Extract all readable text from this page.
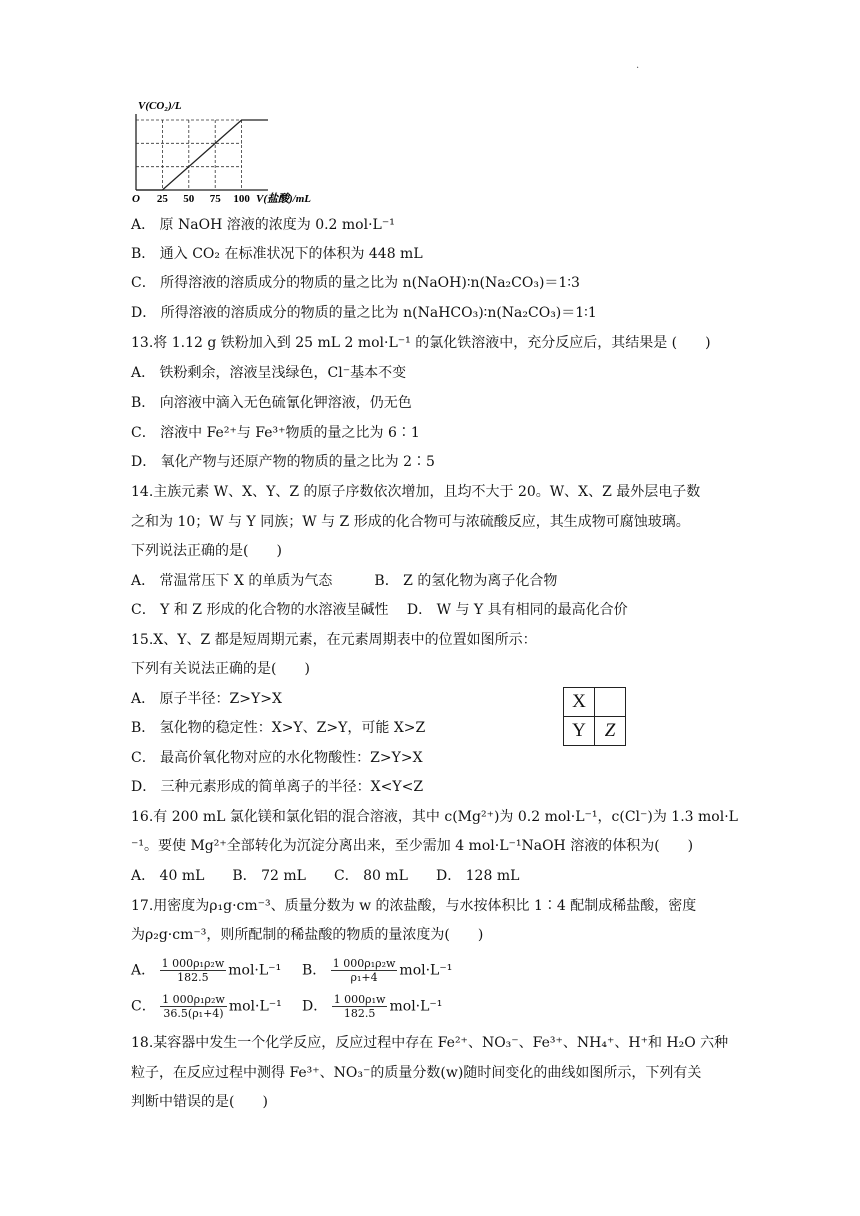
.
V(CO₂)/L
25 50 75 100
O	V(盐酸)/mL
A． 原 NaOH 溶液的浓度为 0.2 mol·L⁻¹
B． 通入 CO₂ 在标准状况下的体积为 448 mL
C． 所得溶液的溶质成分的物质的量之比为 n(NaOH)∶n(Na₂CO₃)＝1∶3
D． 所得溶液的溶质成分的物质的量之比为 n(NaHCO₃)∶n(Na₂CO₃)＝1∶1
13.将 1.12 g 铁粉加入到 25 mL 2 mol·L⁻¹ 的氯化铁溶液中，充分反应后，其结果是 (　　)
A． 铁粉剩余，溶液呈浅绿色，Cl⁻基本不变
B． 向溶液中滴入无色硫氰化钾溶液，仍无色
C． 溶液中 Fe²⁺与 Fe³⁺物质的量之比为 6∶1
D． 氧化产物与还原产物的物质的量之比为 2∶5
14.主族元素 W、X、Y、Z 的原子序数依次增加，且均不大于 20。W、X、Z 最外层电子数
之和为 10；W 与 Y 同族；W 与 Z 形成的化合物可与浓硫酸反应，其生成物可腐蚀玻璃。
下列说法正确的是(　　)
A． 常温常压下 X 的单质为气态　　　B． Z 的氢化物为离子化合物
C． Y 和 Z 形成的化合物的水溶液呈碱性　 D． W 与 Y 具有相同的最高化合价
15.X、Y、Z 都是短周期元素，在元素周期表中的位置如图所示：
下列有关说法正确的是(　　)
A． 原子半径：Z>Y>X
B． 氢化物的稳定性：X>Y、Z>Y，可能 X>Z
C． 最高价氧化物对应的水化物酸性：Z>Y>X
D． 三种元素形成的简单离子的半径：X<Y<Z
16.有 200 mL 氯化镁和氯化铝的混合溶液，其中 c(Mg²⁺)为 0.2 mol·L⁻¹，c(Cl⁻)为 1.3 mol·L
⁻¹。要使 Mg²⁺全部转化为沉淀分离出来，至少需加 4 mol·L⁻¹NaOH 溶液的体积为(　　)
A． 40 mL　　B． 72 mL　　C． 80 mL　　D． 128 mL
17.用密度为ρ₁g·cm⁻³、质量分数为 w 的浓盐酸，与水按体积比 1∶4 配制成稀盐酸，密度
为ρ₂g·cm⁻³，则所配制的稀盐酸的物质的量浓度为(　　)
A． $\frac{\text{1 000ρ₁ρ₂w}}{182.5} mol\cdot L^{-1}$ B． $\frac{\text{1 000ρ₁ρ₂w}}{\text{ρ₁+4}} mol\cdot L^{-1}$
C． $\frac{\text{1 000ρ₁ρ₂w}}{\text{36.5(ρ₁+4)}} mol\cdot L^{-1}$ D． $\frac{\text{1 000ρ₁w}}{182.5} mol\cdot L^{-1}$
18.某容器中发生一个化学反应，反应过程中存在 Fe²⁺、NO₃⁻、Fe³⁺、NH₄⁺、H⁺和 H₂O 六种
粒子，在反应过程中测得 Fe³⁺、NO₃⁻的质量分数(w)随时间变化的曲线如图所示，下列有关
判断中错误的是(　　)
X	
Y	Z
